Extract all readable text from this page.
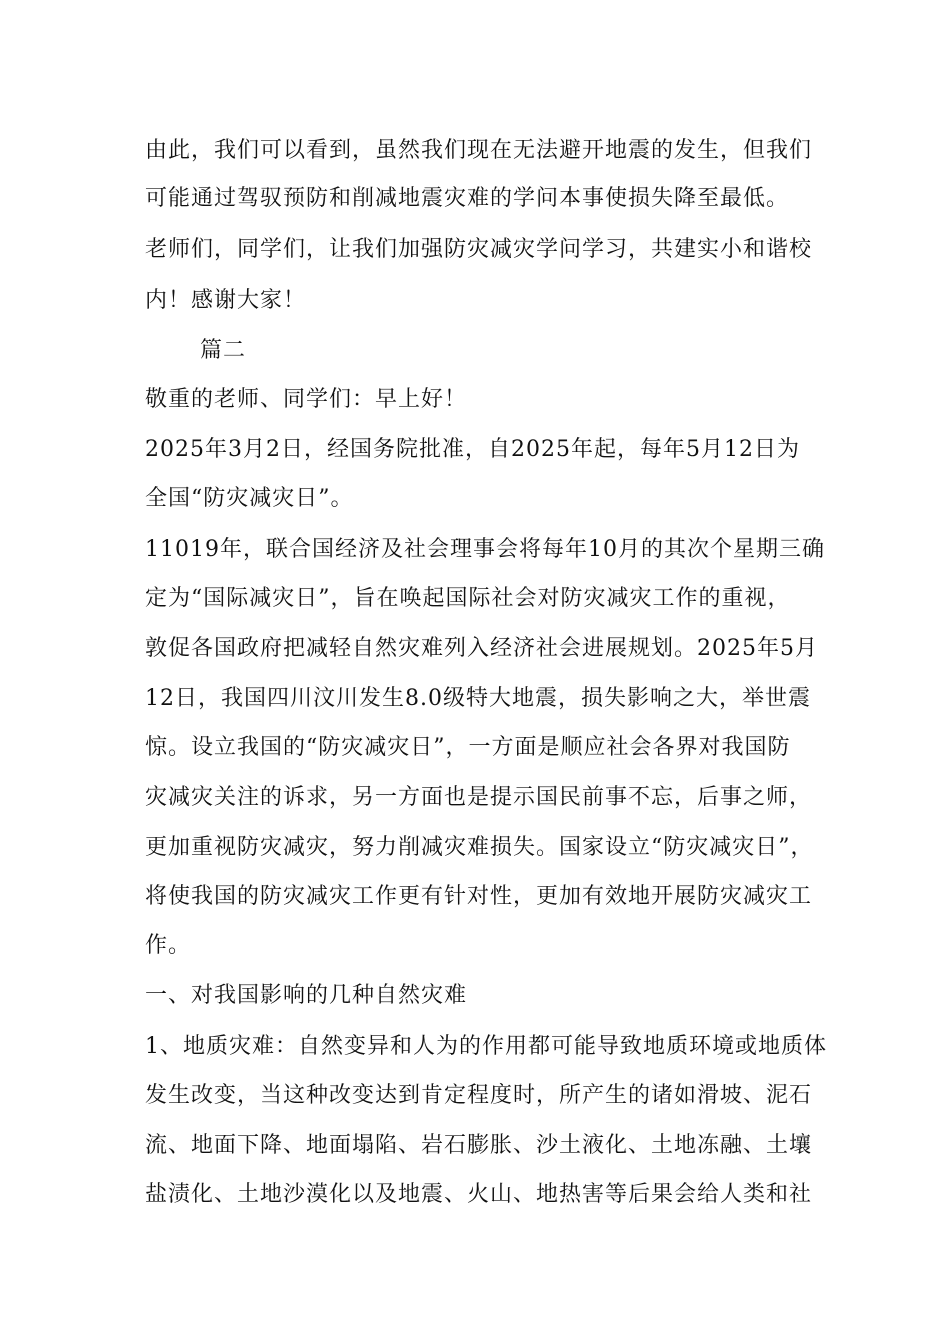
由此，我们可以看到，虽然我们现在无法避开地震的发生，但我们
可能通过驾驭预防和削减地震灾难的学问本事使损失降至最低。
老师们，同学们，让我们加强防灾减灾学问学习，共建实小和谐校
内！感谢大家！
篇二
敬重的老师、同学们：早上好！
2025年3月2日，经国务院批准，自2025年起，每年5月12日为
全国“防灾减灾日”。
11019年，联合国经济及社会理事会将每年10月的其次个星期三确
定为“国际减灾日”，旨在唤起国际社会对防灾减灾工作的重视，
敦促各国政府把减轻自然灾难列入经济社会进展规划。2025年5月
12日，我国四川汶川发生8.0级特大地震，损失影响之大，举世震
惊。设立我国的“防灾减灾日”，一方面是顺应社会各界对我国防
灾减灾关注的诉求，另一方面也是提示国民前事不忘，后事之师，
更加重视防灾减灾，努力削减灾难损失。国家设立“防灾减灾日”，
将使我国的防灾减灾工作更有针对性，更加有效地开展防灾减灾工
作。
一、对我国影响的几种自然灾难
1、地质灾难：自然变异和人为的作用都可能导致地质环境或地质体
发生改变，当这种改变达到肯定程度时，所产生的诸如滑坡、泥石
流、地面下降、地面塌陷、岩石膨胀、沙土液化、土地冻融、土壤
盐渍化、土地沙漠化以及地震、火山、地热害等后果会给人类和社
